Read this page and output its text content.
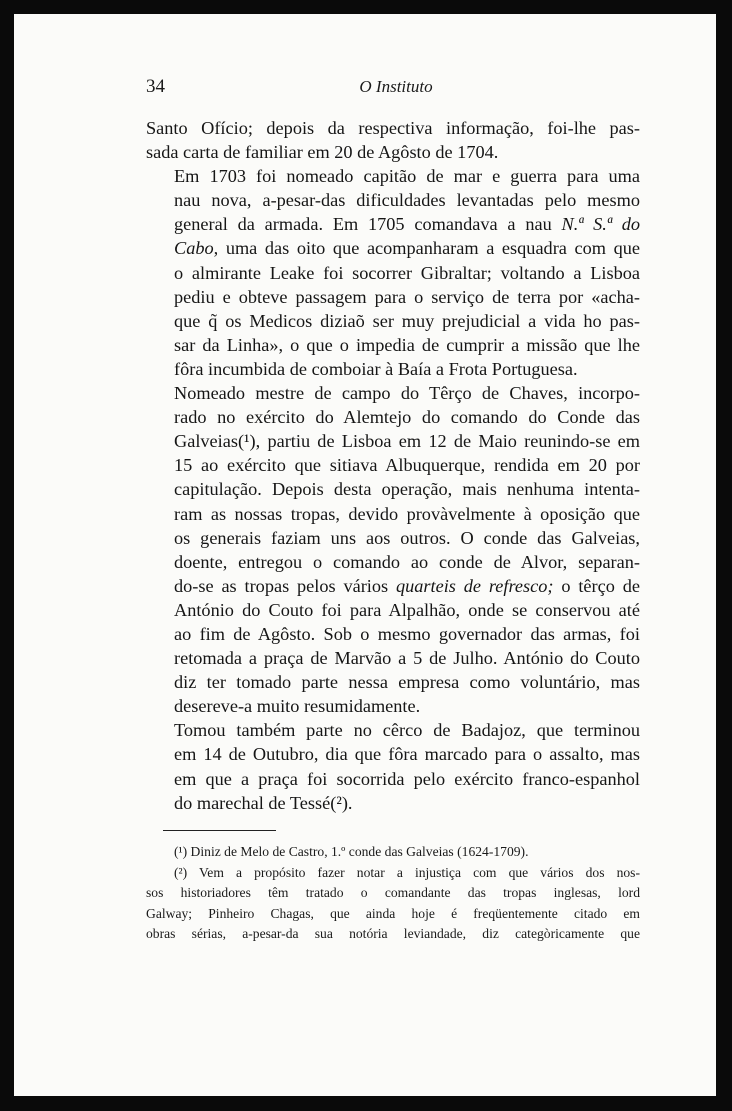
34	O Instituto

Santo Ofício; depois da respectiva informação, foi-lhe pas-
sada carta de familiar em 20 de Agôsto de 1704.

Em 1703 foi nomeado capitão de mar e guerra para uma
nau nova, a-pesar-das dificuldades levantadas pelo mesmo
general da armada. Em 1705 comandava a nau N.ª S.ª do
Cabo, uma das oito que acompanharam a esquadra com que
o almirante Leake foi socorrer Gibraltar; voltando a Lisboa
pediu e obteve passagem para o serviço de terra por «acha-
que q̃ os Medicos diziaõ ser muy prejudicial a vida ho pas-
sar da Linha», o que o impedia de cumprir a missão que lhe
fôra incumbida de comboiar à Baía a Frota Portuguesa.

Nomeado mestre de campo do Têrço de Chaves, incorpo-
rado no exército do Alemtejo do comando do Conde das
Galveias(¹), partiu de Lisboa em 12 de Maio reunindo-se em
15 ao exército que sitiava Albuquerque, rendida em 20 por
capitulação. Depois desta operação, mais nenhuma intenta-
ram as nossas tropas, devido provàvelmente à oposição que
os generais faziam uns aos outros. O conde das Galveias,
doente, entregou o comando ao conde de Alvor, separan-
do-se as tropas pelos vários quarteis de refresco; o têrço de
António do Couto foi para Alpalhão, onde se conservou até
ao fim de Agôsto. Sob o mesmo governador das armas, foi
retomada a praça de Marvão a 5 de Julho. António do Couto
diz ter tomado parte nessa empresa como voluntário, mas
desereve-a muito resumidamente.

Tomou também parte no cêrco de Badajoz, que terminou
em 14 de Outubro, dia que fôra marcado para o assalto, mas
em que a praça foi socorrida pelo exército franco-espanhol
do marechal de Tessé(²).

(¹) Diniz de Melo de Castro, 1.º conde das Galveias (1624-1709).
(²) Vem a propósito fazer notar a injustiça com que vários dos nos-
sos historiadores têm tratado o comandante das tropas inglesas, lord
Galway; Pinheiro Chagas, que ainda hoje é freqüentemente citado em
obras sérias, a-pesar-da sua notória leviandade, diz categòricamente que
